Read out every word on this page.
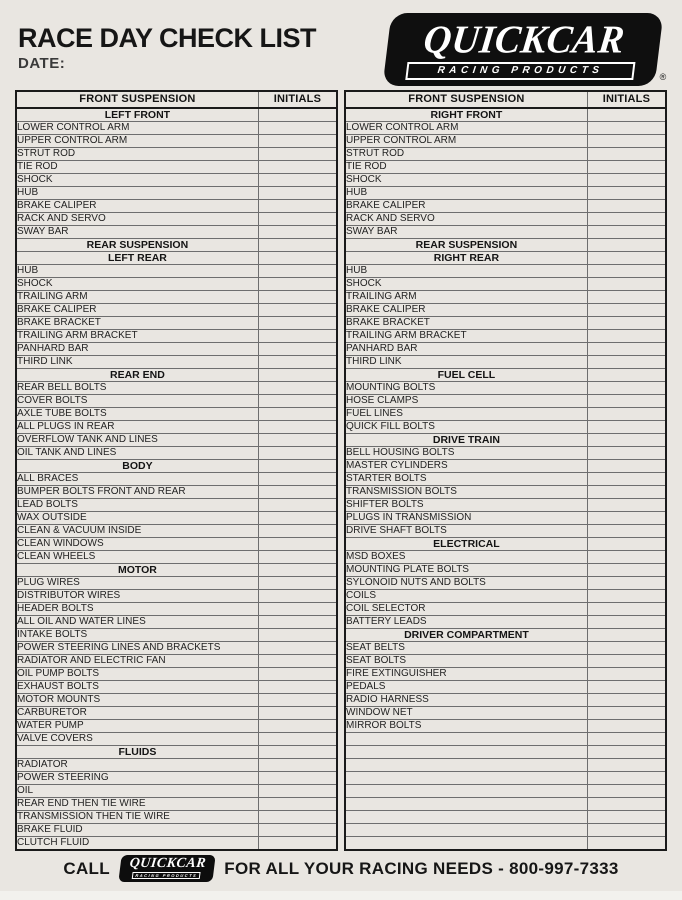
RACE DAY CHECK LIST
DATE:
QUICKCAR
RACING PRODUCTS
®
FRONT SUSPENSION	INITIALS
LEFT FRONT	
LOWER CONTROL ARM	
UPPER CONTROL ARM	
STRUT ROD	
TIE ROD	
SHOCK	
HUB	
BRAKE CALIPER	
RACK AND SERVO	
SWAY BAR	
REAR SUSPENSION	
LEFT REAR	
HUB	
SHOCK	
TRAILING ARM	
BRAKE CALIPER	
BRAKE BRACKET	
TRAILING ARM BRACKET	
PANHARD BAR	
THIRD LINK	
REAR END	
REAR BELL BOLTS	
COVER BOLTS	
AXLE TUBE BOLTS	
ALL PLUGS IN REAR	
OVERFLOW TANK AND LINES	
OIL TANK AND LINES	
BODY	
ALL BRACES	
BUMPER BOLTS FRONT AND REAR	
LEAD BOLTS	
WAX OUTSIDE	
CLEAN & VACUUM INSIDE	
CLEAN WINDOWS	
CLEAN WHEELS	
MOTOR	
PLUG WIRES	
DISTRIBUTOR WIRES	
HEADER BOLTS	
ALL OIL AND WATER LINES	
INTAKE BOLTS	
POWER STEERING LINES AND BRACKETS	
RADIATOR AND ELECTRIC FAN	
OIL PUMP BOLTS	
EXHAUST BOLTS	
MOTOR MOUNTS	
CARBURETOR	
WATER PUMP	
VALVE COVERS	
FLUIDS	
RADIATOR	
POWER STEERING	
OIL	
REAR END THEN TIE WIRE	
TRANSMISSION THEN TIE WIRE	
BRAKE FLUID	
CLUTCH FLUID	
FRONT SUSPENSION	INITIALS
RIGHT FRONT	
LOWER CONTROL ARM	
UPPER CONTROL ARM	
STRUT ROD	
TIE ROD	
SHOCK	
HUB	
BRAKE CALIPER	
RACK AND SERVO	
SWAY BAR	
REAR SUSPENSION	
RIGHT REAR	
HUB	
SHOCK	
TRAILING ARM	
BRAKE CALIPER	
BRAKE BRACKET	
TRAILING ARM BRACKET	
PANHARD BAR	
THIRD LINK	
FUEL CELL	
MOUNTING BOLTS	
HOSE CLAMPS	
FUEL LINES	
QUICK FILL BOLTS	
DRIVE TRAIN	
BELL HOUSING BOLTS	
MASTER CYLINDERS	
STARTER BOLTS	
TRANSMISSION BOLTS	
SHIFTER BOLTS	
PLUGS IN TRANSMISSION	
DRIVE SHAFT BOLTS	
ELECTRICAL	
MSD BOXES	
MOUNTING PLATE BOLTS	
SYLONOID NUTS AND BOLTS	
COILS	
COIL SELECTOR	
BATTERY LEADS	
DRIVER COMPARTMENT	
SEAT BELTS	
SEAT BOLTS	
FIRE EXTINGUISHER	
PEDALS	
RADIO HARNESS	
WINDOW NET	
MIRROR BOLTS	

CALL QUICKCAR
RACING PRODUCTS FOR ALL YOUR RACING NEEDS - 800-997-7333
